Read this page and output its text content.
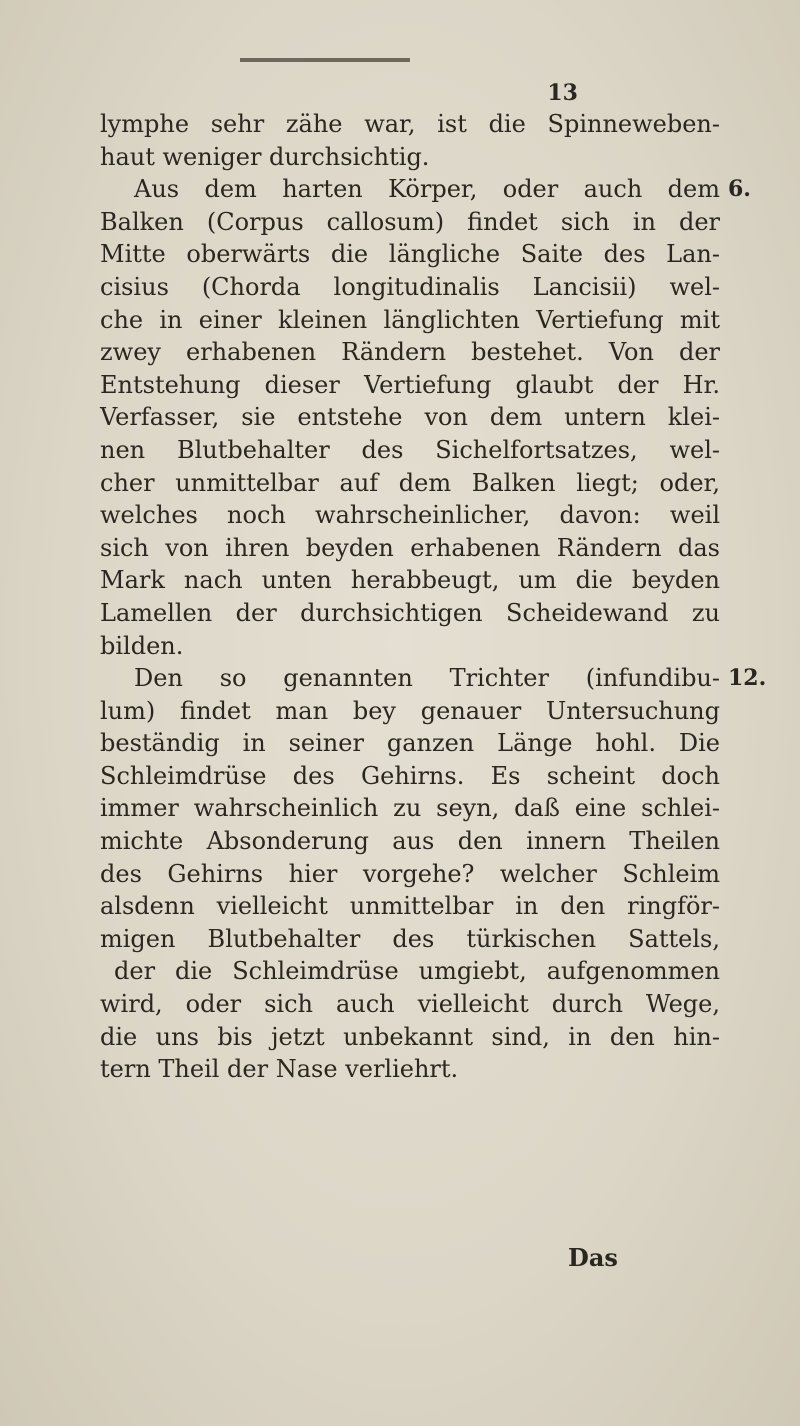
13
lymphe sehr zähe war, ist die Spinneweben-
haut weniger durchsichtig.
Aus dem harten Körper, oder auch dem 6.
Balken (Corpus callosum) findet sich in der
Mitte oberwärts die längliche Saite des Lan-
cisius (Chorda longitudinalis Lancisii) wel-
che in einer kleinen länglichten Vertiefung mit
zwey erhabenen Rändern bestehet. Von der
Entstehung dieser Vertiefung glaubt der Hr.
Verfasser, sie entstehe von dem untern klei-
nen Blutbehalter des Sichelfortsatzes, wel-
cher unmittelbar auf dem Balken liegt; oder,
welches noch wahrscheinlicher, davon: weil
sich von ihren beyden erhabenen Rändern das
Mark nach unten herabbeugt, um die beyden
Lamellen der durchsichtigen Scheidewand zu
bilden.
Den so genannten Trichter (infundibu- 12.
lum) findet man bey genauer Untersuchung
beständig in seiner ganzen Länge hohl. Die
Schleimdrüse des Gehirns. Es scheint doch
immer wahrscheinlich zu seyn, daß eine schlei-
michte Absonderung aus den innern Theilen
des Gehirns hier vorgehe? welcher Schleim
alsdenn vielleicht unmittelbar in den ringför-
migen Blutbehalter des türkischen Sattels,
der die Schleimdrüse umgiebt, aufgenommen
wird, oder sich auch vielleicht durch Wege,
die uns bis jetzt unbekannt sind, in den hin-
tern Theil der Nase verliehrt.
Das
